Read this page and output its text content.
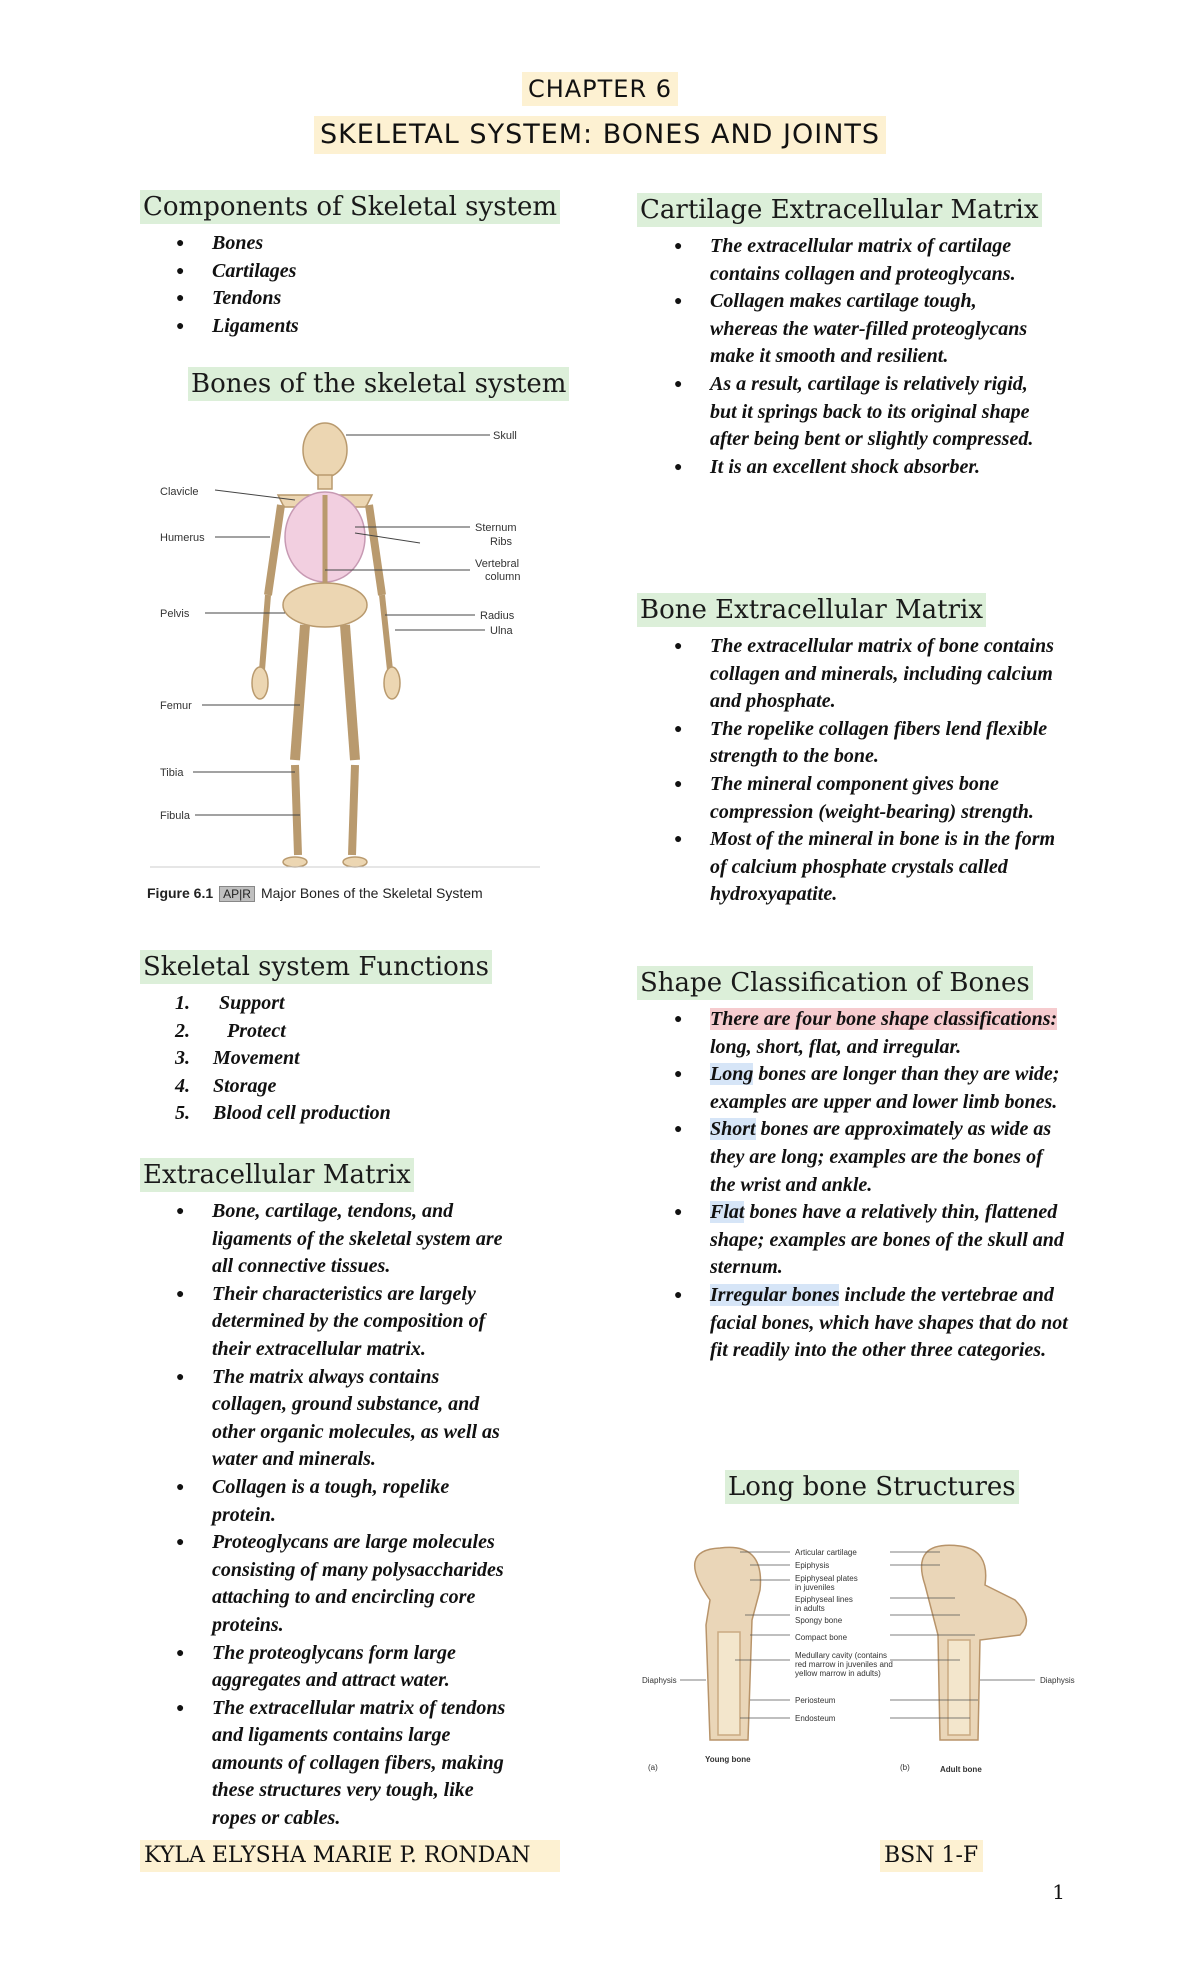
CHAPTER 6
SKELETAL SYSTEM: BONES AND JOINTS
Components of Skeletal system
● Bones
● Cartilages
● Tendons
● Ligaments
Bones of the skeletal system
Skull
Clavicle
Humerus
Sternum
Ribs
Vertebral
column
Pelvis	Radius
Ulna
Femur
Tibia
Fibula
Figure 6.1 AP|R Major Bones of the Skeletal System
Skeletal system Functions
1. Support
2. Protect
3. Movement
4. Storage
5. Blood cell production
Extracellular Matrix
● Bone, cartilage, tendons, and ligaments of the skeletal system are all connective tissues.
● Their characteristics are largely determined by the composition of their extracellular matrix.
● The matrix always contains collagen, ground substance, and other organic molecules, as well as water and minerals.
● Collagen is a tough, ropelike protein.
● Proteoglycans are large molecules consisting of many polysaccharides attaching to and encircling core proteins.
● The proteoglycans form large aggregates and attract water.
● The extracellular matrix of tendons and ligaments contains large amounts of collagen fibers, making these structures very tough, like ropes or cables.
Cartilage Extracellular Matrix
● The extracellular matrix of cartilage contains collagen and proteoglycans.
● Collagen makes cartilage tough, whereas the water-filled proteoglycans make it smooth and resilient.
● As a result, cartilage is relatively rigid, but it springs back to its original shape after being bent or slightly compressed.
● It is an excellent shock absorber.
Bone Extracellular Matrix
● The extracellular matrix of bone contains collagen and minerals, including calcium and phosphate.
● The ropelike collagen fibers lend flexible strength to the bone.
● The mineral component gives bone compression (weight-bearing) strength.
● Most of the mineral in bone is in the form of calcium phosphate crystals called hydroxyapatite.
Shape Classification of Bones
● There are four bone shape classifications: long, short, flat, and irregular.
● Long bones are longer than they are wide; examples are upper and lower limb bones.
● Short bones are approximately as wide as they are long; examples are the bones of the wrist and ankle.
● Flat bones have a relatively thin, flattened shape; examples are bones of the skull and sternum.
● Irregular bones include the vertebrae and facial bones, which have shapes that do not fit readily into the other three categories.
Long bone Structures
Articular cartilage
Epiphysis
Epiphyseal plates
in juveniles
Epiphyseal lines
in adults
Spongy bone
Compact bone
Medullary cavity (contains
red marrow in juveniles and
yellow marrow in adults)
Periosteum
Endosteum
Diaphysis	Diaphysis
Young bone
Adult bone
(a)	(b)
KYLA ELYSHA MARIE P. RONDAN	BSN 1-F
1
